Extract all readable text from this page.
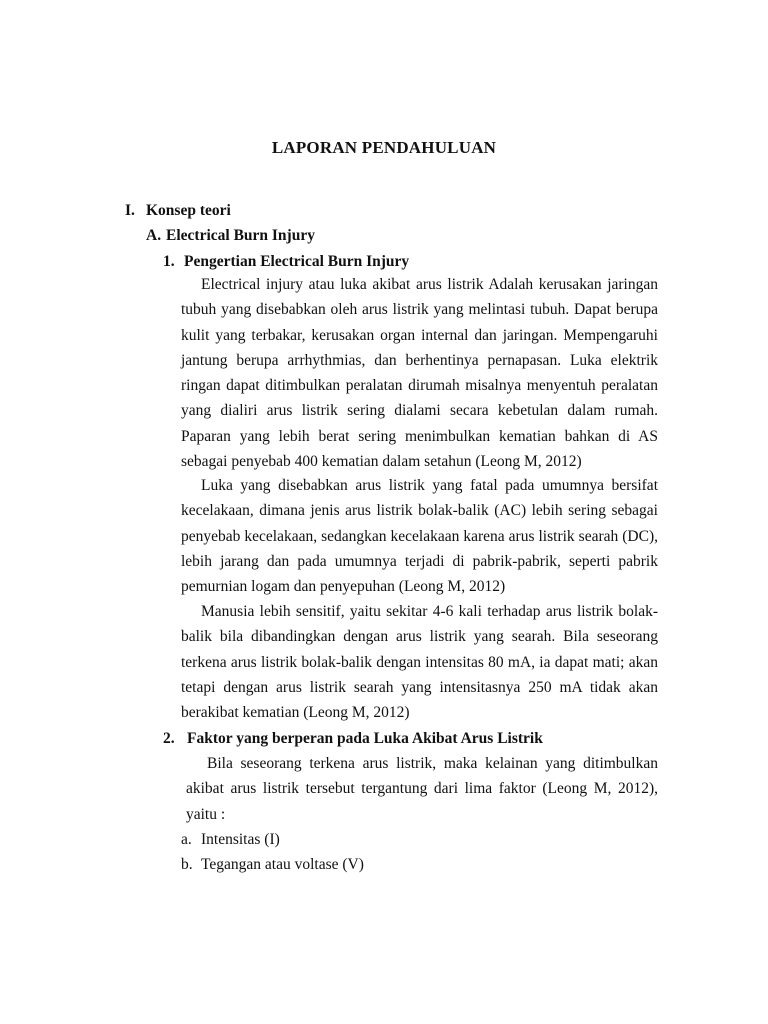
LAPORAN PENDAHULUAN
I. Konsep teori
A. Electrical Burn Injury
1. Pengertian Electrical Burn Injury

Electrical injury atau luka akibat arus listrik Adalah kerusakan jaringan tubuh yang disebabkan oleh arus listrik yang melintasi tubuh. Dapat berupa kulit yang terbakar, kerusakan organ internal dan jaringan. Mempengaruhi jantung berupa arrhythmias, dan berhentinya pernapasan. Luka elektrik ringan dapat ditimbulkan peralatan dirumah misalnya menyentuh peralatan yang dialiri arus listrik sering dialami secara kebetulan dalam rumah. Paparan yang lebih berat sering menimbulkan kematian bahkan di AS sebagai penyebab 400 kematian dalam setahun (Leong M, 2012)

Luka yang disebabkan arus listrik yang fatal pada umumnya bersifat kecelakaan, dimana jenis arus listrik bolak-balik (AC) lebih sering sebagai penyebab kecelakaan, sedangkan kecelakaan karena arus listrik searah (DC), lebih jarang dan pada umumnya terjadi di pabrik-pabrik, seperti pabrik pemurnian logam dan penyepuhan (Leong M, 2012)

Manusia lebih sensitif, yaitu sekitar 4-6 kali terhadap arus listrik bolak-balik bila dibandingkan dengan arus listrik yang searah. Bila seseorang terkena arus listrik bolak-balik dengan intensitas 80 mA, ia dapat mati; akan tetapi dengan arus listrik searah yang intensitasnya 250 mA tidak akan berakibat kematian (Leong M, 2012)

2. Faktor yang berperan pada Luka Akibat Arus Listrik

Bila seseorang terkena arus listrik, maka kelainan yang ditimbulkan akibat arus listrik tersebut tergantung dari lima faktor (Leong M, 2012), yaitu :

a. Intensitas (I)
b. Tegangan atau voltase (V)
